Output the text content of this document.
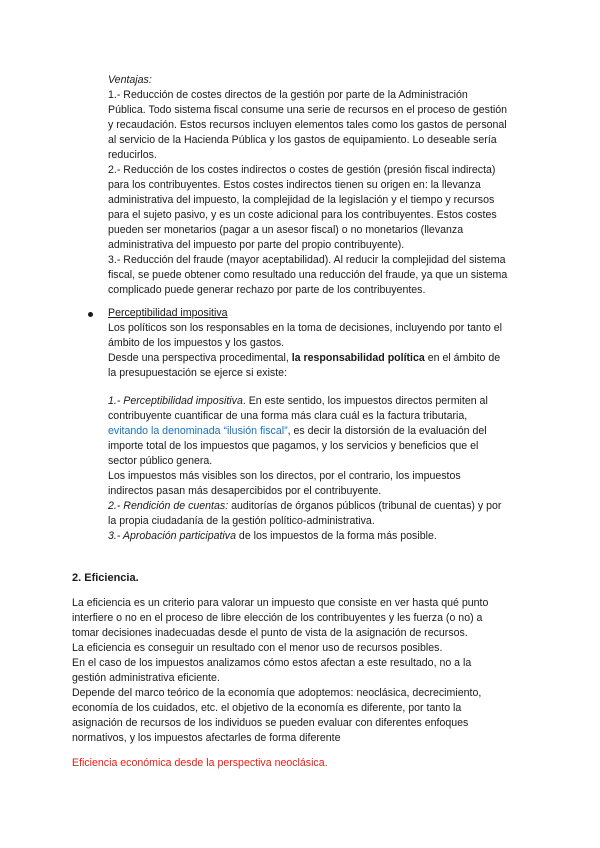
Ventajas:

1.- Reducción de costes directos de la gestión por parte de la Administración

Pública. Todo sistema fiscal consume una serie de recursos en el proceso de gestión

y recaudación. Estos recursos incluyen elementos tales como los gastos de personal

al servicio de la Hacienda Pública y los gastos de equipamiento. Lo deseable sería

reducirlos.

2.- Reducción de los costes indirectos o costes de gestión (presión fiscal indirecta)

para los contribuyentes. Estos costes indirectos tienen su origen en: la llevanza

administrativa del impuesto, la complejidad de la legislación y el tiempo y recursos

para el sujeto pasivo, y es un coste adicional para los contribuyentes. Estos costes

pueden ser monetarios (pagar a un asesor fiscal) o no monetarios (llevanza

administrativa del impuesto por parte del propio contribuyente).

3.- Reducción del fraude (mayor aceptabilidad). Al reducir la complejidad del sistema

fiscal, se puede obtener como resultado una reducción del fraude, ya que un sistema

complicado puede generar rechazo por parte de los contribuyentes.

Perceptibilidad impositiva

Los políticos son los responsables en la toma de decisiones, incluyendo por tanto el

ámbito de los impuestos y los gastos.

Desde una perspectiva procedimental, la responsabilidad política en el ámbito de

la presupuestación se ejerce si existe:

1.- Perceptibilidad impositiva. En este sentido, los impuestos directos permiten al

contribuyente cuantificar de una forma más clara cuál es la factura tributaria,

evitando la denominada “ilusión fiscal”, es decir la distorsión de la evaluación del

importe total de los impuestos que pagamos, y los servicios y beneficios que el

sector público genera.

Los impuestos más visibles son los directos, por el contrario, los impuestos

indirectos pasan más desapercibidos por el contribuyente.

2.- Rendición de cuentas: auditorías de órganos públicos (tribunal de cuentas) y por

la propia ciudadanía de la gestión político-administrativa.

3.- Aprobación participativa de los impuestos de la forma más posible.

2. Eficiencia.

La eficiencia es un criterio para valorar un impuesto que consiste en ver hasta qué punto

interfiere o no en el proceso de libre elección de los contribuyentes y les fuerza (o no) a

tomar decisiones inadecuadas desde el punto de vista de la asignación de recursos.

La eficiencia es conseguir un resultado con el menor uso de recursos posibles.

En el caso de los impuestos analizamos cómo estos afectan a este resultado, no a la

gestión administrativa eficiente.

Depende del marco teórico de la economía que adoptemos: neoclásica, decrecimiento,

economía de los cuidados, etc. el objetivo de la economía es diferente, por tanto la

asignación de recursos de los individuos se pueden evaluar con diferentes enfoques

normativos, y los impuestos afectarles de forma diferente

Eficiencia económica desde la perspectiva neoclásica.
